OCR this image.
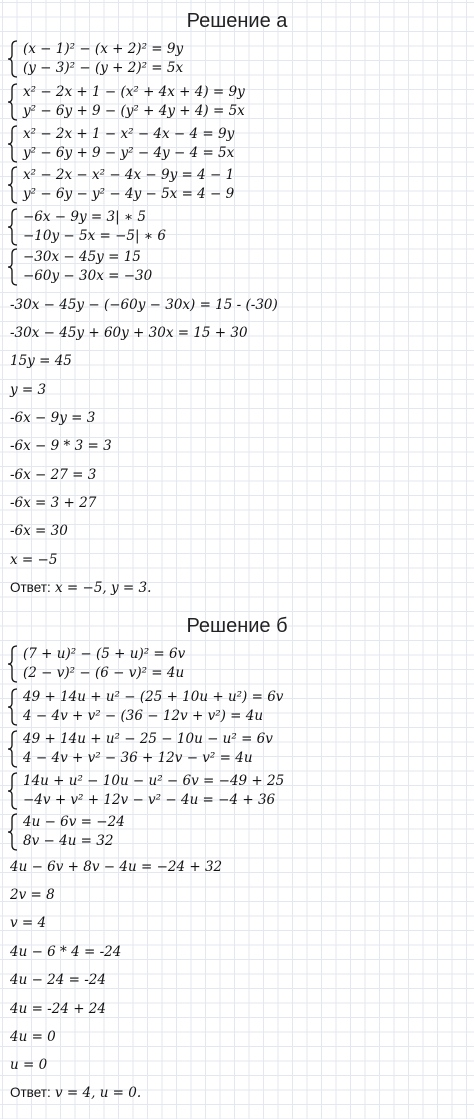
Решение а
(x − 1)² − (x + 2)² = 9y
(y − 3)² − (y + 2)² = 5x
x² − 2x + 1 − (x² + 4x + 4) = 9y
y² − 6y + 9 − (y² + 4y + 4) = 5x
x² − 2x + 1 − x² − 4x − 4 = 9y
y² − 6y + 9 − y² − 4y − 4 = 5x
x² − 2x − x² − 4x − 9y = 4 − 1
y² − 6y − y² − 4y − 5x = 4 − 9
−6x − 9y = 3| ∗ 5
−10y − 5x = −5| ∗ 6
−30x − 45y = 15
−60y − 30x = −30
-30x − 45y − (−60y − 30x) = 15 - (-30)
-30x − 45y + 60y + 30x = 15 + 30
15y = 45
y = 3
-6x − 9y = 3
-6x − 9 * 3 = 3
-6x − 27 = 3
-6x = 3 + 27
-6x = 30
x = −5
Ответ: x = −5, y = 3.
Решение б
(7 + u)² − (5 + u)² = 6v
(2 − v)² − (6 − v)² = 4u
49 + 14u + u² − (25 + 10u + u²) = 6v
4 − 4v + v² − (36 − 12v + v²) = 4u
49 + 14u + u² − 25 − 10u − u² = 6v
4 − 4v + v² − 36 + 12v − v² = 4u
14u + u² − 10u − u² − 6v = −49 + 25
−4v + v² + 12v − v² − 4u = −4 + 36
4u − 6v = −24
8v − 4u = 32
4u − 6v + 8v − 4u = −24 + 32
2v = 8
v = 4
4u − 6 * 4 = -24
4u − 24 = -24
4u = -24 + 24
4u = 0
u = 0
Ответ: v = 4, u = 0.
